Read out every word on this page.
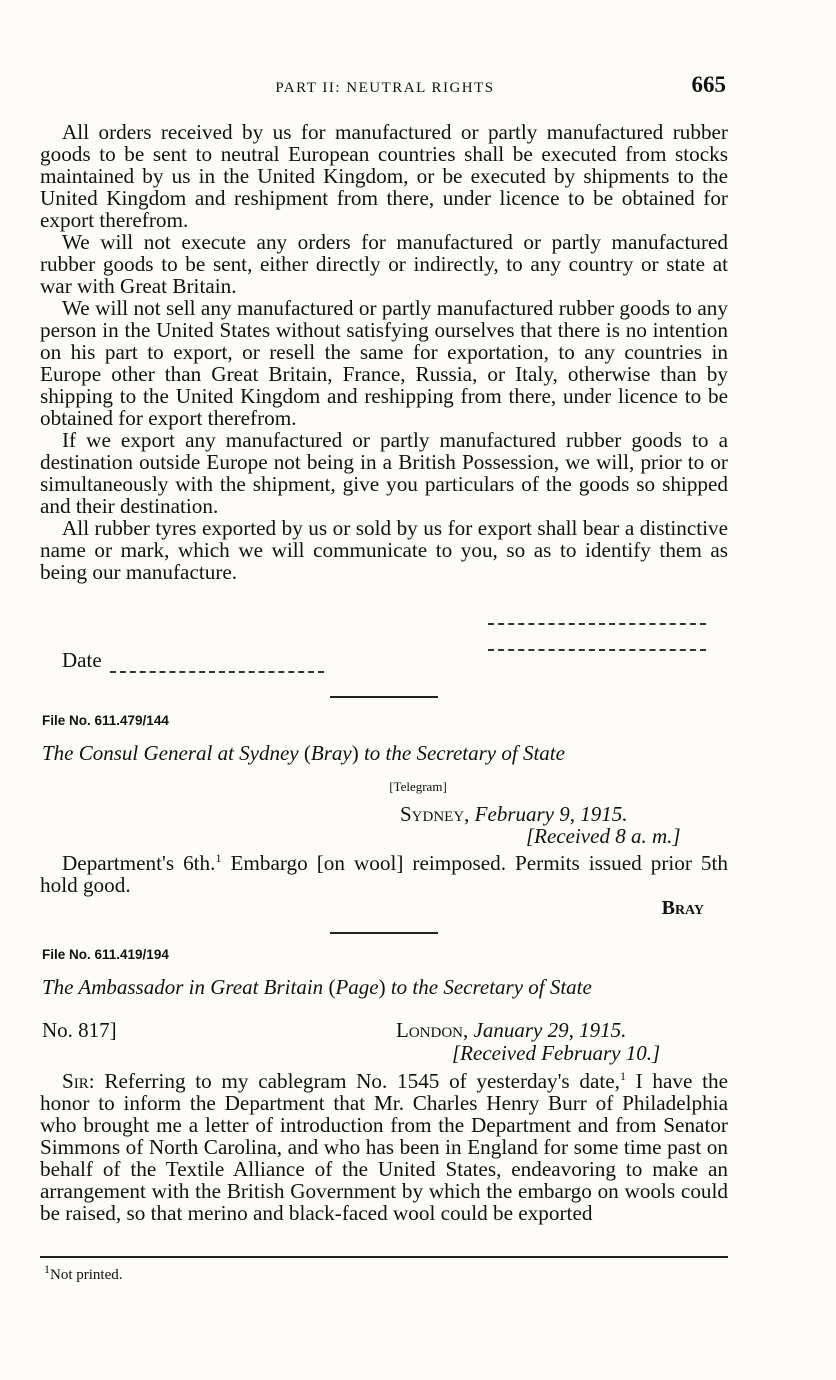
PART II: NEUTRAL RIGHTS	665

All orders received by us for manufactured or partly manufactured rubber goods to be sent to neutral European countries shall be executed from stocks maintained by us in the United Kingdom, or be executed by shipments to the United Kingdom and reshipment from there, under licence to be obtained for export therefrom.

We will not execute any orders for manufactured or partly manufactured rubber goods to be sent, either directly or indirectly, to any country or state at war with Great Britain.

We will not sell any manufactured or partly manufactured rubber goods to any person in the United States without satisfying ourselves that there is no intention on his part to export, or resell the same for exportation, to any countries in Europe other than Great Britain, France, Russia, or Italy, otherwise than by shipping to the United Kingdom and reshipping from there, under licence to be obtained for export therefrom.

If we export any manufactured or partly manufactured rubber goods to a destination outside Europe not being in a British Possession, we will, prior to or simultaneously with the shipment, give you particulars of the goods so shipped and their destination.

All rubber tyres exported by us or sold by us for export shall bear a distinctive name or mark, which we will communicate to you, so as to identify them as being our manufacture.

Date
File No. 611.479/144
The Consul General at Sydney (Bray) to the Secretary of State
[Telegram]
Sydney, February 9, 1915.
[Received 8 a. m.]

Department's 6th.$^1$ Embargo [on wool] reimposed. Permits issued prior 5th hold good.

Bray
File No. 611.419/194
The Ambassador in Great Britain (Page) to the Secretary of State
No. 817]	London, January 29, 1915.
[Received February 10.]

Sir: Referring to my cablegram No. 1545 of yesterday's date,$^1$ I have the honor to inform the Department that Mr. Charles Henry Burr of Philadelphia who brought me a letter of introduction from the Department and from Senator Simmons of North Carolina, and who has been in England for some time past on behalf of the Textile Alliance of the United States, endeavoring to make an arrangement with the British Government by which the embargo on wools could be raised, so that merino and black-faced wool could be exported

$^1$Not printed.
